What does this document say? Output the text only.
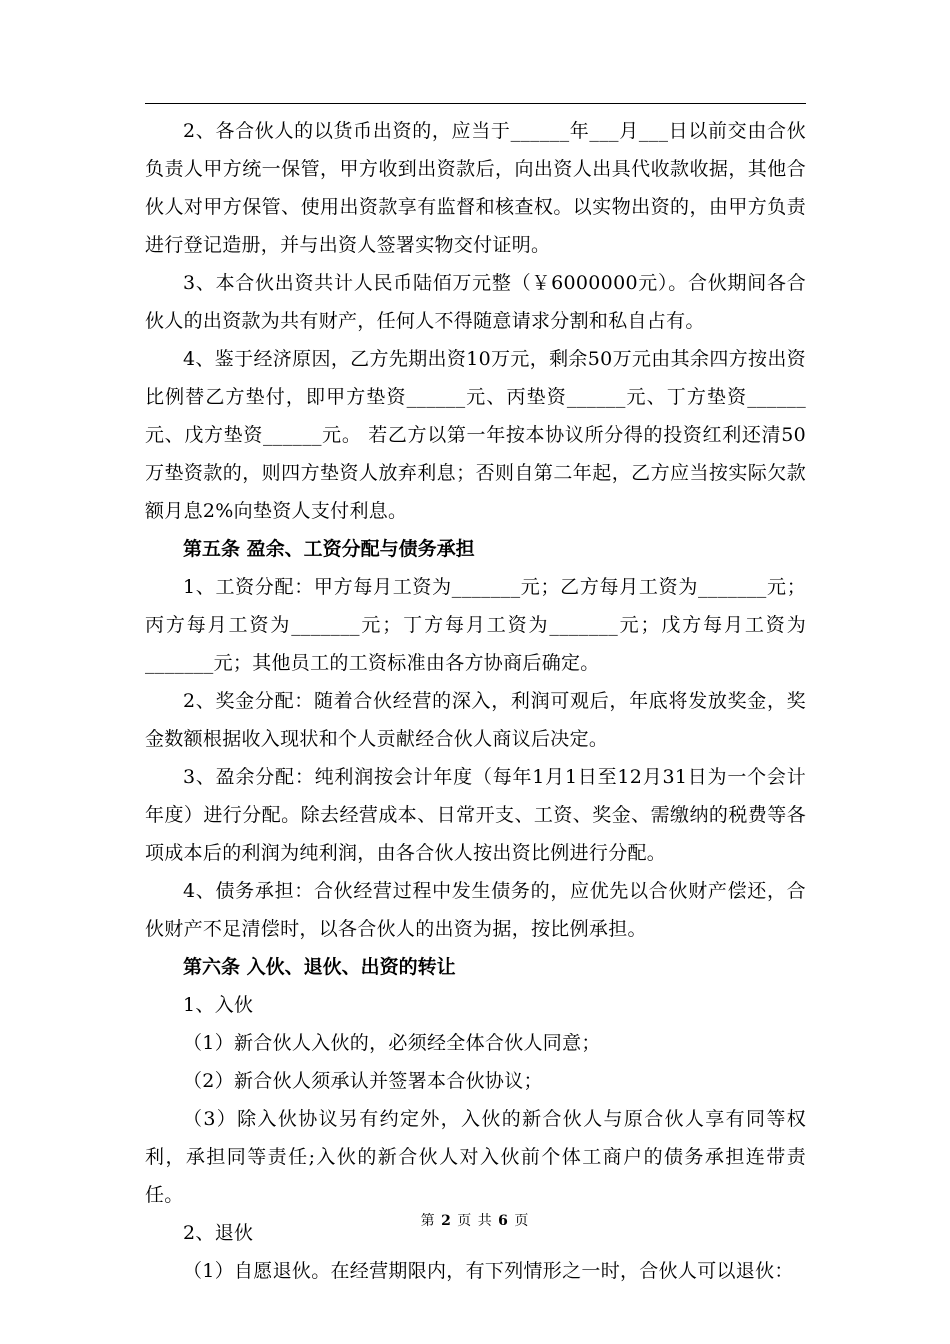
2、各合伙人的以货币出资的，应当于______年___月___日以前交由合伙负责人甲方统一保管，甲方收到出资款后，向出资人出具代收款收据，其他合伙人对甲方保管、使用出资款享有监督和核查权。以实物出资的，由甲方负责进行登记造册，并与出资人签署实物交付证明。

3、本合伙出资共计人民币陆佰万元整（￥6000000元）。合伙期间各合伙人的出资款为共有财产，任何人不得随意请求分割和私自占有。

4、鉴于经济原因，乙方先期出资10万元，剩余50万元由其余四方按出资比例替乙方垫付，即甲方垫资______元、丙垫资______元、丁方垫资______元、戊方垫资______元。 若乙方以第一年按本协议所分得的投资红利还清50万垫资款的，则四方垫资人放弃利息；否则自第二年起，乙方应当按实际欠款额月息2%向垫资人支付利息。

第五条 盈余、工资分配与债务承担

1、工资分配：甲方每月工资为_______元；乙方每月工资为_______元；丙方每月工资为_______元；丁方每月工资为_______元；戊方每月工资为_______元；其他员工的工资标准由各方协商后确定。

2、奖金分配：随着合伙经营的深入，利润可观后，年底将发放奖金，奖金数额根据收入现状和个人贡献经合伙人商议后决定。

3、盈余分配：纯利润按会计年度（每年1月1日至12月31日为一个会计年度）进行分配。除去经营成本、日常开支、工资、奖金、需缴纳的税费等各项成本后的利润为纯利润，由各合伙人按出资比例进行分配。

4、债务承担：合伙经营过程中发生债务的，应优先以合伙财产偿还，合伙财产不足清偿时，以各合伙人的出资为据，按比例承担。

第六条 入伙、退伙、出资的转让

1、入伙

（1）新合伙人入伙的，必须经全体合伙人同意；

（2）新合伙人须承认并签署本合伙协议；

（3）除入伙协议另有约定外，入伙的新合伙人与原合伙人享有同等权利，承担同等责任;入伙的新合伙人对入伙前个体工商户的债务承担连带责任。

2、退伙

（1）自愿退伙。在经营期限内，有下列情形之一时，合伙人可以退伙：

第 2 页 共 6 页
